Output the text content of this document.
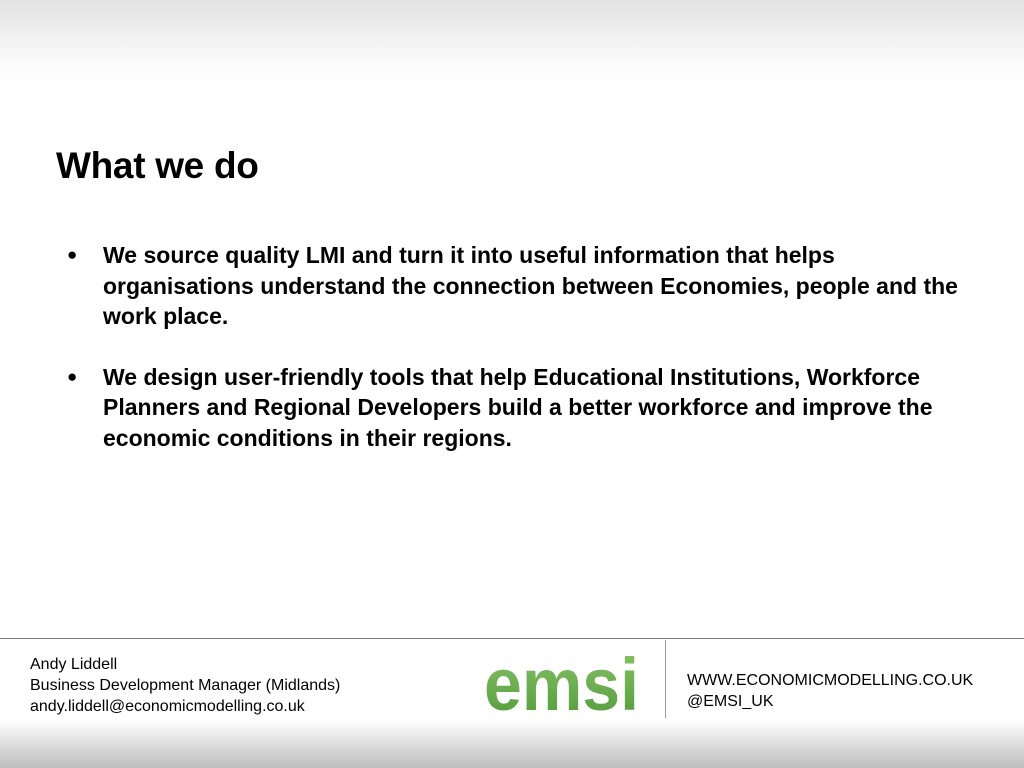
What we do
● We source quality LMI and turn it into useful information that helps organisations understand the connection between Economies, people and the work place.
● We design user-friendly tools that help Educational Institutions, Workforce Planners and Regional Developers build a better workforce and improve the economic conditions in their regions.
Andy Liddell
Business Development Manager (Midlands)
andy.liddell@economicmodelling.co.uk	emsi	WWW.ECONOMICMODELLING.CO.UK
@EMSI_UK
